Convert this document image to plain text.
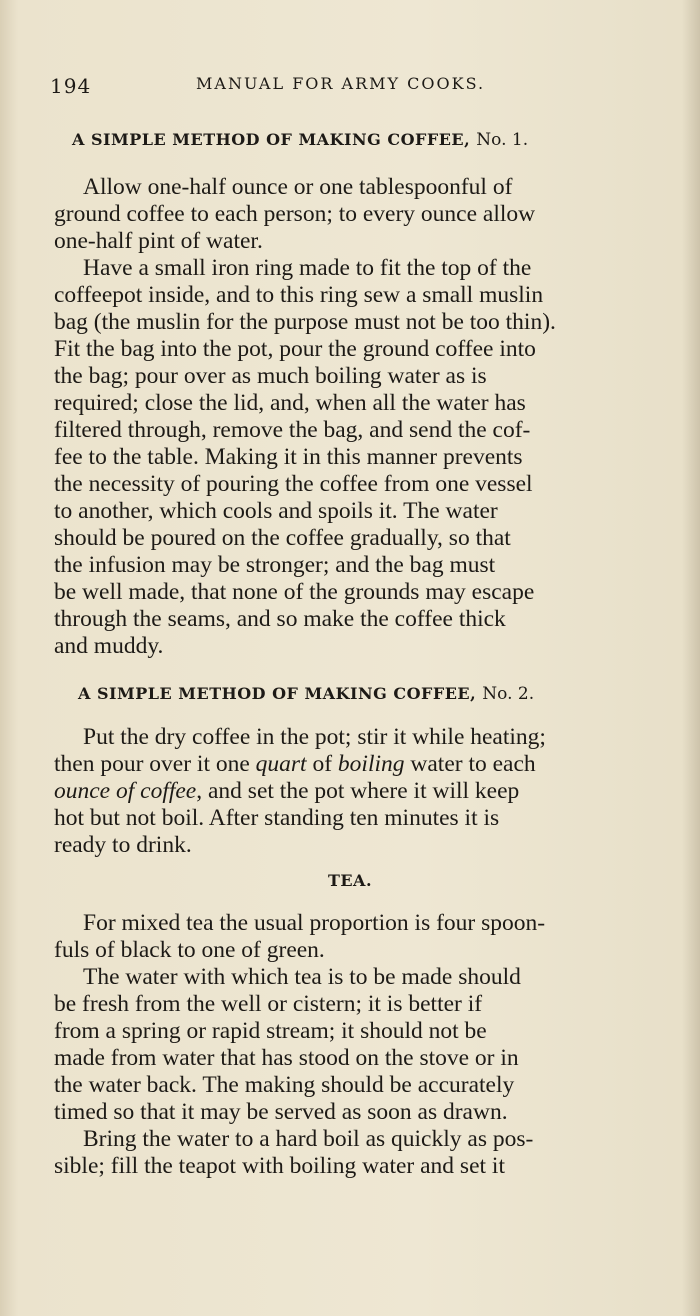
194	MANUAL FOR ARMY COOKS.
A SIMPLE METHOD OF MAKING COFFEE, No. 1.
Allow one-half ounce or one tablespoonful of
ground coffee to each person; to every ounce allow
one-half pint of water.
Have a small iron ring made to fit the top of the
coffeepot inside, and to this ring sew a small muslin
bag (the muslin for the purpose must not be too thin).
Fit the bag into the pot, pour the ground coffee into
the bag; pour over as much boiling water as is
required; close the lid, and, when all the water has
filtered through, remove the bag, and send the cof-
fee to the table. Making it in this manner prevents
the necessity of pouring the coffee from one vessel
to another, which cools and spoils it. The water
should be poured on the coffee gradually, so that
the infusion may be stronger; and the bag must
be well made, that none of the grounds may escape
through the seams, and so make the coffee thick
and muddy.
A SIMPLE METHOD OF MAKING COFFEE, No. 2.
Put the dry coffee in the pot; stir it while heating;
then pour over it one quart of boiling water to each
ounce of coffee, and set the pot where it will keep
hot but not boil. After standing ten minutes it is
ready to drink.
TEA.
For mixed tea the usual proportion is four spoon-
fuls of black to one of green.
The water with which tea is to be made should
be fresh from the well or cistern; it is better if
from a spring or rapid stream; it should not be
made from water that has stood on the stove or in
the water back. The making should be accurately
timed so that it may be served as soon as drawn.
Bring the water to a hard boil as quickly as pos-
sible; fill the teapot with boiling water and set it
